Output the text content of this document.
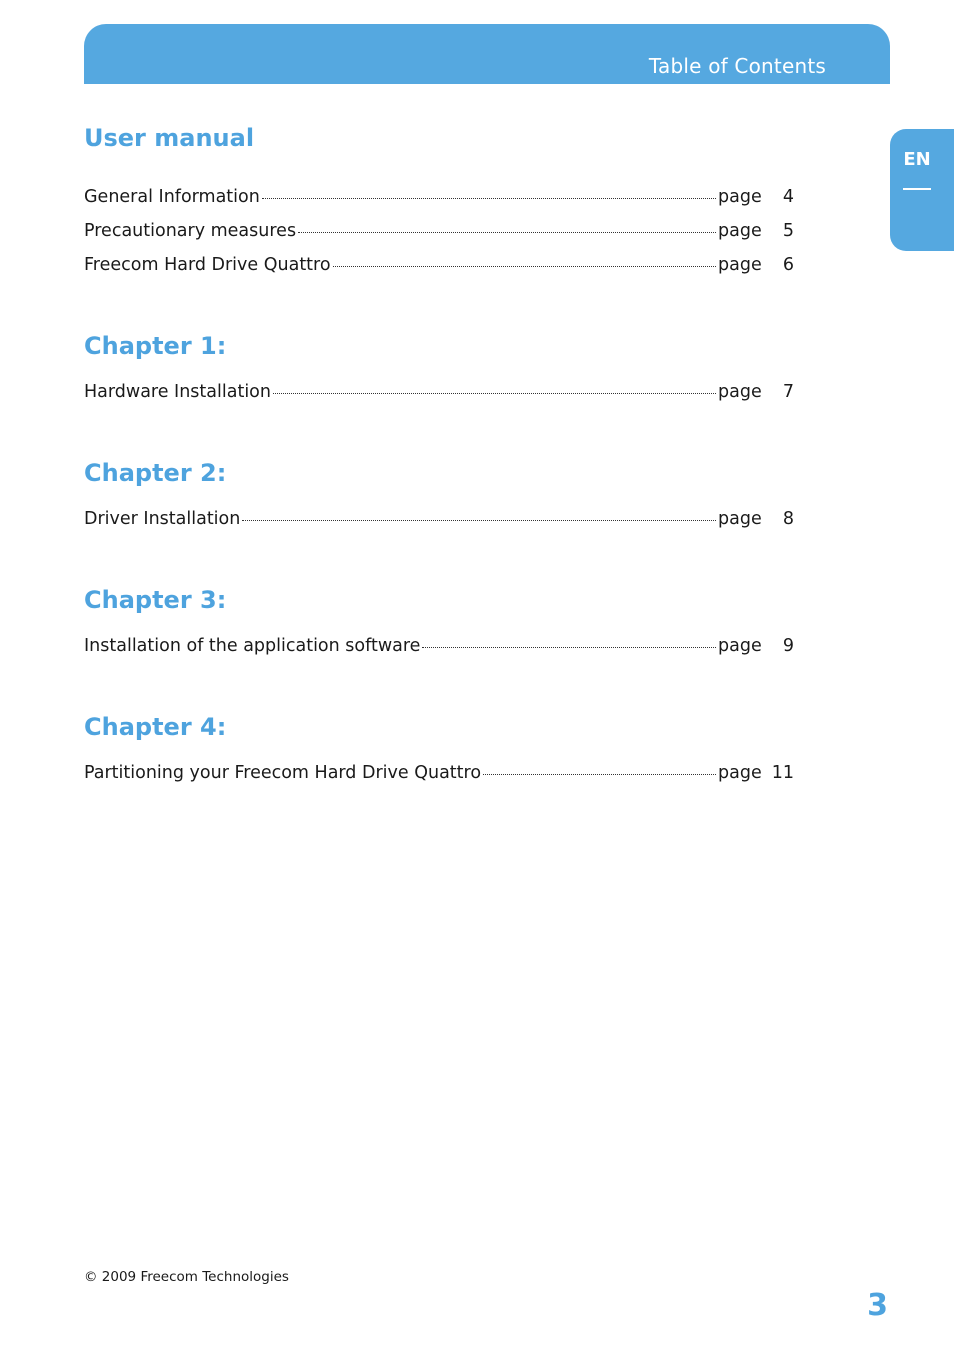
Table of Contents
EN
User manual
General Information	page	4
Precautionary measures	page	5
Freecom Hard Drive Quattro	page	6
Chapter 1:
Hardware Installation	page	7
Chapter 2:
Driver Installation	page	8
Chapter 3:
Installation of the application software	page	9
Chapter 4:
Partitioning your Freecom Hard Drive Quattro	page 11
© 2009 Freecom Technologies
3
